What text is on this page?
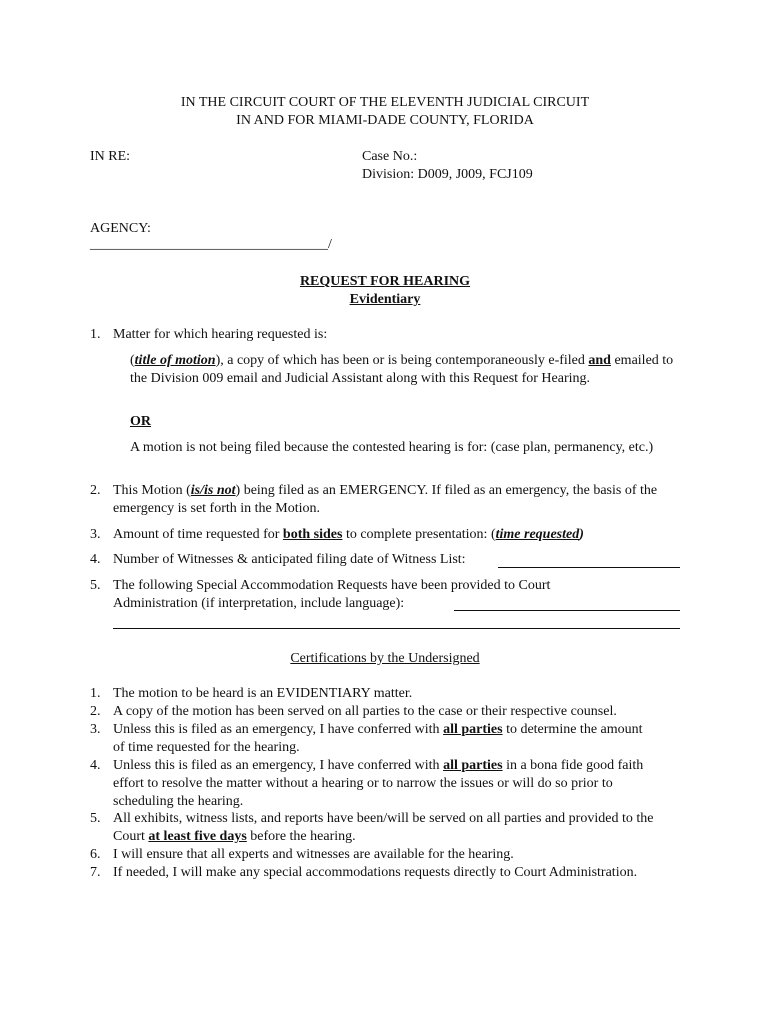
IN THE CIRCUIT COURT OF THE ELEVENTH JUDICIAL CIRCUIT
IN AND FOR MIAMI-DADE COUNTY, FLORIDA
IN RE:	Case No.:
Division: D009, J009, FCJ109
AGENCY:
__________________________________/
REQUEST FOR HEARING
Evidentiary
1. Matter for which hearing requested is:
(title of motion), a copy of which has been or is being contemporaneously e-filed and emailed to the Division 009 email and Judicial Assistant along with this Request for Hearing.
OR
A motion is not being filed because the contested hearing is for: (case plan, permanency, etc.)
2. This Motion (is/is not) being filed as an EMERGENCY. If filed as an emergency, the basis of the emergency is set forth in the Motion.
3. Amount of time requested for both sides to complete presentation: (time requested)
4. Number of Witnesses & anticipated filing date of Witness List:
5. The following Special Accommodation Requests have been provided to Court
Administration (if interpretation, include language):
Certifications by the Undersigned
1. The motion to be heard is an EVIDENTIARY matter.
2. A copy of the motion has been served on all parties to the case or their respective counsel.
3. Unless this is filed as an emergency, I have conferred with all parties to determine the amount of time requested for the hearing.
4. Unless this is filed as an emergency, I have conferred with all parties in a bona fide good faith effort to resolve the matter without a hearing or to narrow the issues or will do so prior to scheduling the hearing.
5. All exhibits, witness lists, and reports have been/will be served on all parties and provided to the Court at least five days before the hearing.
6. I will ensure that all experts and witnesses are available for the hearing.
7. If needed, I will make any special accommodations requests directly to Court Administration.
